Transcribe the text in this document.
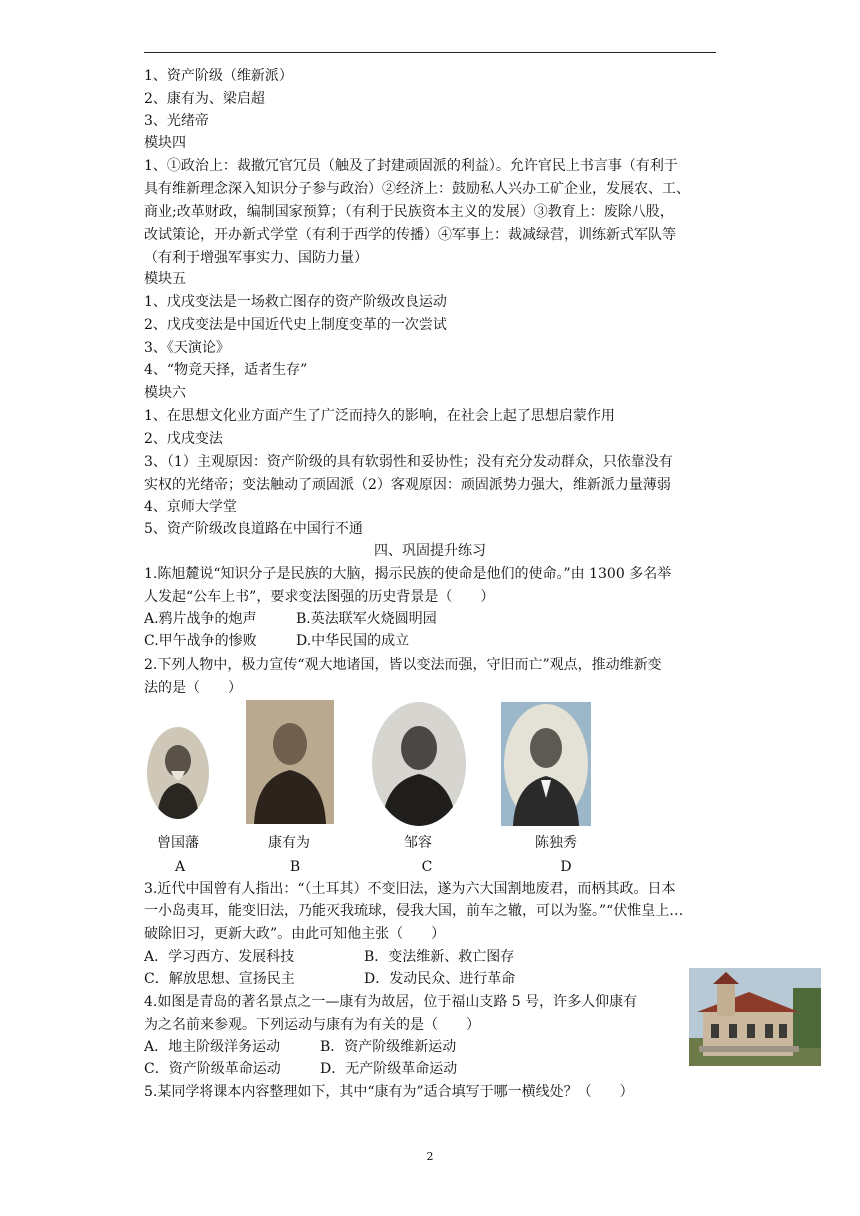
1、资产阶级（维新派）
2、康有为、梁启超
3、光绪帝
模块四
1、①政治上：裁撤冗官冗员（触及了封建顽固派的利益）。允许官民上书言事（有利于
具有维新理念深入知识分子参与政治）②经济上：鼓励私人兴办工矿企业，发展农、工、
商业;改革财政，编制国家预算；（有利于民族资本主义的发展）③教育上：废除八股，
改试策论，开办新式学堂（有利于西学的传播）④军事上：裁减绿营，训练新式军队等
（有利于增强军事实力、国防力量）
模块五
1、戊戌变法是一场救亡图存的资产阶级改良运动
2、戊戌变法是中国近代史上制度变革的一次尝试
3、《天演论》
4、“物竞天择，适者生存”
模块六
1、在思想文化业方面产生了广泛而持久的影响，在社会上起了思想启蒙作用
2、戊戌变法
3、（1）主观原因：资产阶级的具有软弱性和妥协性；没有充分发动群众，只依靠没有
实权的光绪帝；变法触动了顽固派（2）客观原因：顽固派势力强大，维新派力量薄弱
4、京师大学堂
5、资产阶级改良道路在中国行不通
四、巩固提升练习
1.陈旭麓说“知识分子是民族的大脑，揭示民族的使命是他们的使命。”由 1300 多名举
人发起“公车上书”，要求变法图强的历史背景是（　　）
A.鸦片战争的炮声	B.英法联军火烧圆明园
C.甲午战争的惨败	D.中华民国的成立
2.下列人物中，极力宣传“观大地诸国，皆以变法而强，守旧而亡”观点，推动维新变
法的是（　　）
曾国藩	康有为	邹容	陈独秀
A	B	C	D
3.近代中国曾有人指出：“（土耳其）不变旧法，遂为六大国割地废君，而柄其政。日本
一小岛夷耳，能变旧法，乃能灭我琉球，侵我大国，前车之辙，可以为鉴。”“伏惟皇上…
破除旧习，更新大政”。由此可知他主张（　　）
A．学习西方、发展科技	B．变法维新、救亡图存
C．解放思想、宣扬民主	D．发动民众、进行革命
4.如图是青岛的著名景点之一—康有为故居，位于福山支路 5 号，许多人仰康有
为之名前来参观。下列运动与康有为有关的是（　　）
A．地主阶级洋务运动	B．资产阶级维新运动
C．资产阶级革命运动	D．无产阶级革命运动
5.某同学将课本内容整理如下，其中“康有为”适合填写于哪一横线处？（　　）
2
